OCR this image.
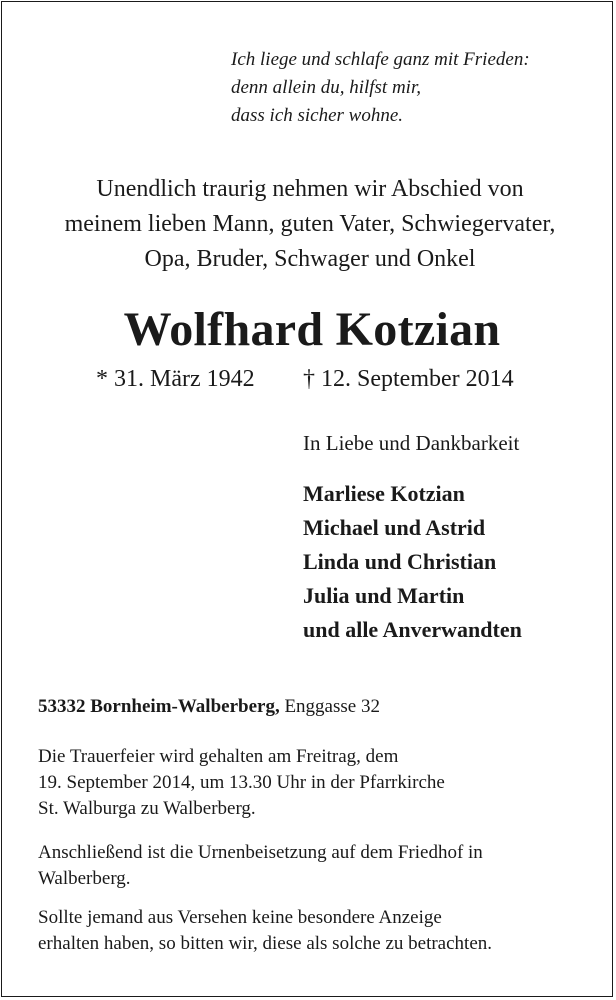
Ich liege und schlafe ganz mit Frieden:
denn allein du, hilfst mir,
dass ich sicher wohne.
Unendlich traurig nehmen wir Abschied von
meinem lieben Mann, guten Vater, Schwiegervater,
Opa, Bruder, Schwager und Onkel
Wolfhard Kotzian
* 31. März 1942 † 12. September 2014
In Liebe und Dankbarkeit
Marliese Kotzian
Michael und Astrid
Linda und Christian
Julia und Martin
und alle Anverwandten
53332 Bornheim-Walberberg, Enggasse 32
Die Trauerfeier wird gehalten am Freitrag, dem
19. September 2014, um 13.30 Uhr in der Pfarrkirche
St. Walburga zu Walberberg.
Anschließend ist die Urnenbeisetzung auf dem Friedhof in
Walberberg.
Sollte jemand aus Versehen keine besondere Anzeige
erhalten haben, so bitten wir, diese als solche zu betrachten.
